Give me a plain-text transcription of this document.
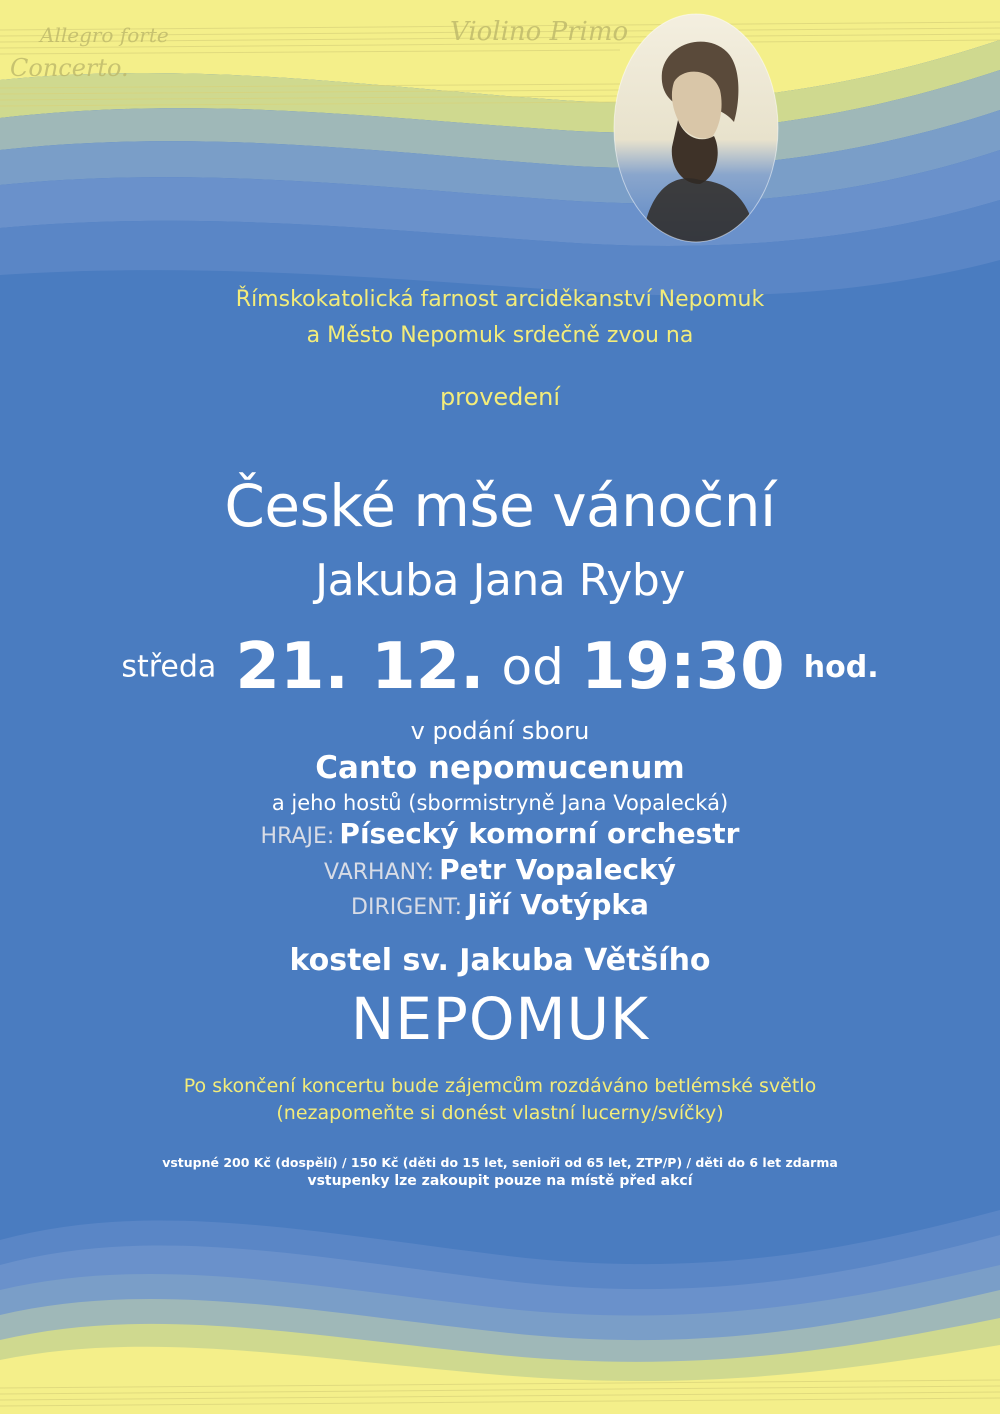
Allegro forte
Concerto.
Violino Primo
Římskokatolická farnost arciděkanství Nepomuk
a Město Nepomuk srdečně zvou na
provedení
České mše vánoční
Jakuba Jana Ryby
středa 21. 12. od 19:30 hod.
v podání sboru
Canto nepomucenum
a jeho hostů (sbormistryně Jana Vopalecká)
HRAJE: Písecký komorní orchestr
VARHANY: Petr Vopalecký
DIRIGENT: Jiří Votýpka
kostel sv. Jakuba Většího
NEPOMUK
Po skončení koncertu bude zájemcům rozdáváno betlémské světlo
(nezapomeňte si donést vlastní lucerny/svíčky)
vstupné 200 Kč (dospělí) / 150 Kč (děti do 15 let, senioři od 65 let, ZTP/P) / děti do 6 let zdarma
vstupenky lze zakoupit pouze na místě před akcí
